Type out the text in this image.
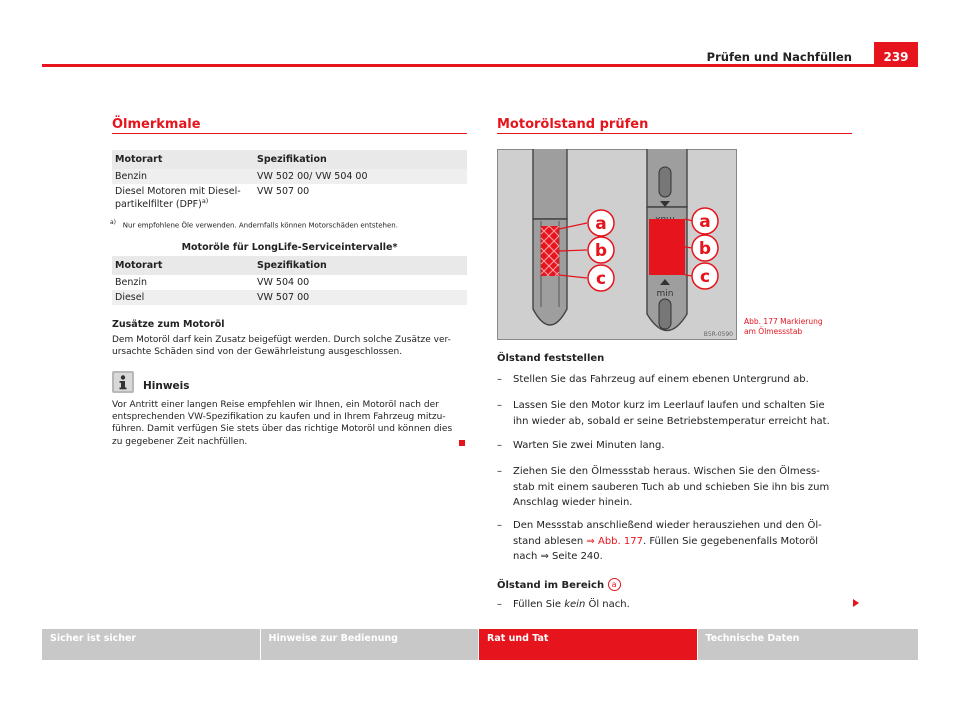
Prüfen und Nachfüllen	239
Ölmerkmale
Motorart	Spezifikation
Benzin	VW 502 00/ VW 504 00
Diesel Motoren mit Diesel-
partikelfilter (DPF)$^{a)}$	VW 507 00
$^{a)}$ Nur empfohlene Öle verwenden. Andernfalls können Motorschäden entstehen.
Motoröle für LongLife-Serviceintervalle*
Motorart	Spezifikation
Benzin	VW 504 00
Diesel	VW 507 00
Zusätze zum Motoröl
Dem Motoröl darf kein Zusatz beigefügt werden. Durch solche Zusätze ver-
ursachte Schäden sind von der Gewährleistung ausgeschlossen.
Hinweis
Vor Antritt einer langen Reise empfehlen wir Ihnen, ein Motoröl nach der
entsprechenden VW-Spezifikation zu kaufen und in Ihrem Fahrzeug mitzu-
führen. Damit verfügen Sie stets über das richtige Motoröl und können dies
zu gegebener Zeit nachfüllen.
Motorölstand prüfen
min
a
b
c
a
b
c
B5R-0590
Abb. 177 Markierung
am Ölmessstab
Ölstand feststellen
– Stellen Sie das Fahrzeug auf einem ebenen Untergrund ab.
– Lassen Sie den Motor kurz im Leerlauf laufen und schalten Sie
ihn wieder ab, sobald er seine Betriebstemperatur erreicht hat.
– Warten Sie zwei Minuten lang.
– Ziehen Sie den Ölmessstab heraus. Wischen Sie den Ölmess-
stab mit einem sauberen Tuch ab und schieben Sie ihn bis zum
Anschlag wieder hinein.
– Den Messstab anschließend wieder herausziehen und den Öl-
stand ablesen ⇒ Abb. 177. Füllen Sie gegebenenfalls Motoröl
nach ⇒ Seite 240.
Ölstand im Bereich a
– Füllen Sie kein Öl nach.
Sicher ist sicher	Hinweise zur Bedienung	Rat und Tat	Technische Daten
